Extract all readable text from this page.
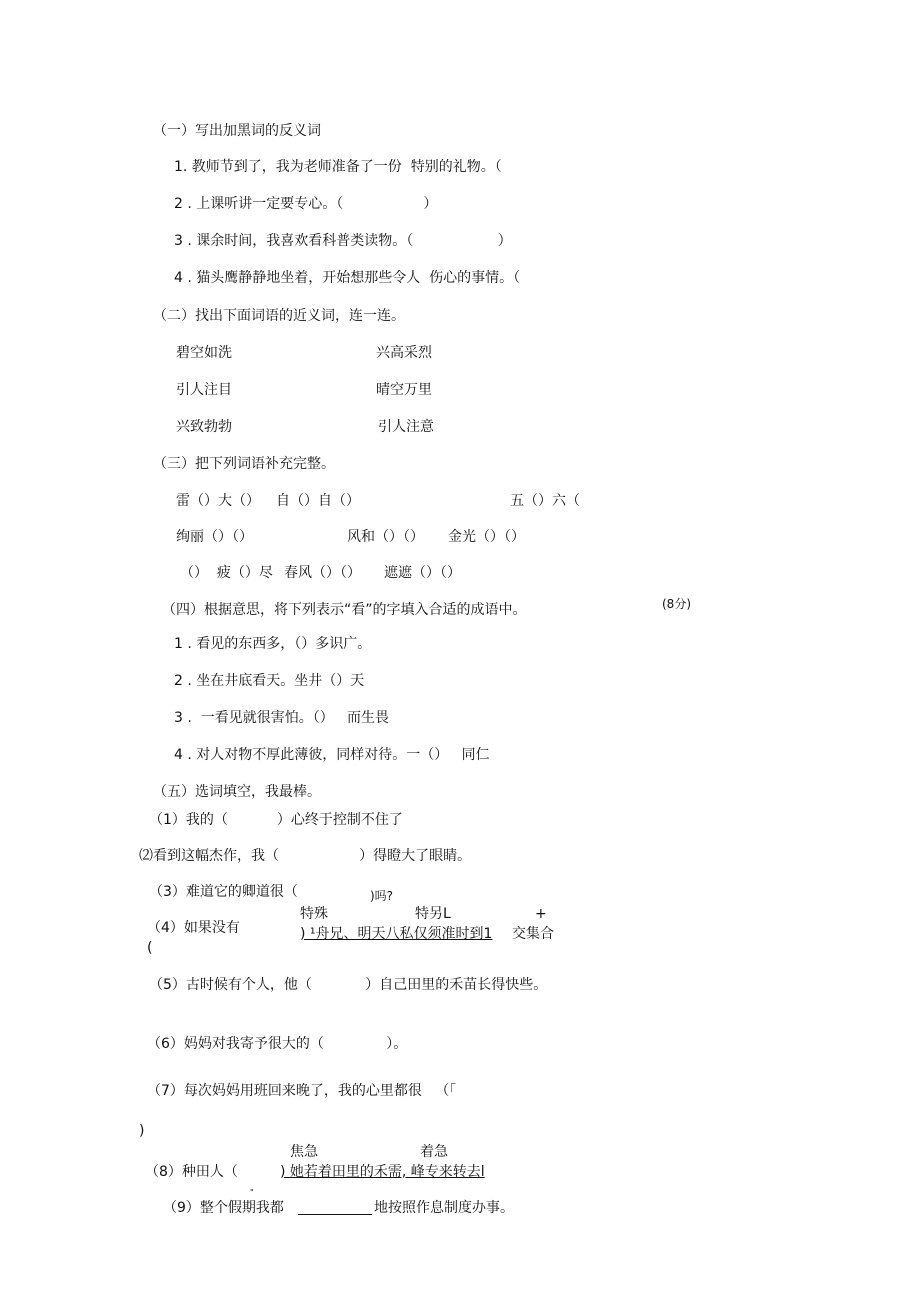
（一）写出加黑词的反义词
1. 教师节到了，我为老师准备了一份  特别的礼物。（
2 . 上课听讲一定要专心。（                  ）
3 . 课余时间，我喜欢看科普类读物。（                   ）
4 . 猫头鹰静静地坐着，开始想那些令人  伤心的事情。（
（二）找出下面词语的近义词，连一连。
碧空如洗	兴高采烈
引人注目	晴空万里
兴致勃勃	引人注意
（三）把下列词语补充完整。
雷（）大（） 自（）自（）	五（）六（
绚丽（）（）	风和（）（） 金光（）（）
（）  疲（）尽 春风（）（） 遮遮（）（）
（四）根据意思，将下列表示“看”的字填入合适的成语中。	(8分)
1 . 看见的东西多，（）多识广。
2 . 坐在井底看天。坐井（）天
3 .  一看见就很害怕。（）   而生畏
4 . 对人对物不厚此薄彼，同样对待。一（）   同仁
（五）选词填空，我最棒。
（1）我的（           ）心终于控制不住了
⑵看到这幅杰作，我（                  ）得瞪大了眼睛。
（3）难道它的卿道很（	)吗?
特殊	特另L	+
（4）如果没有
(
) ¹舟兄、明天八私仅须准时到1 交集合
（5）古时候有个人，他（            ）自己田里的禾苗长得快些。
（6）妈妈对我寄予很大的（              ）。
（7）每次妈妈用班回来晚了，我的心里都很   （「
)
焦急	着急
（8）种田人（	) 她若着田里的禾需, 峰专来转去l
"
（9）整个假期我都	地按照作息制度办事。
